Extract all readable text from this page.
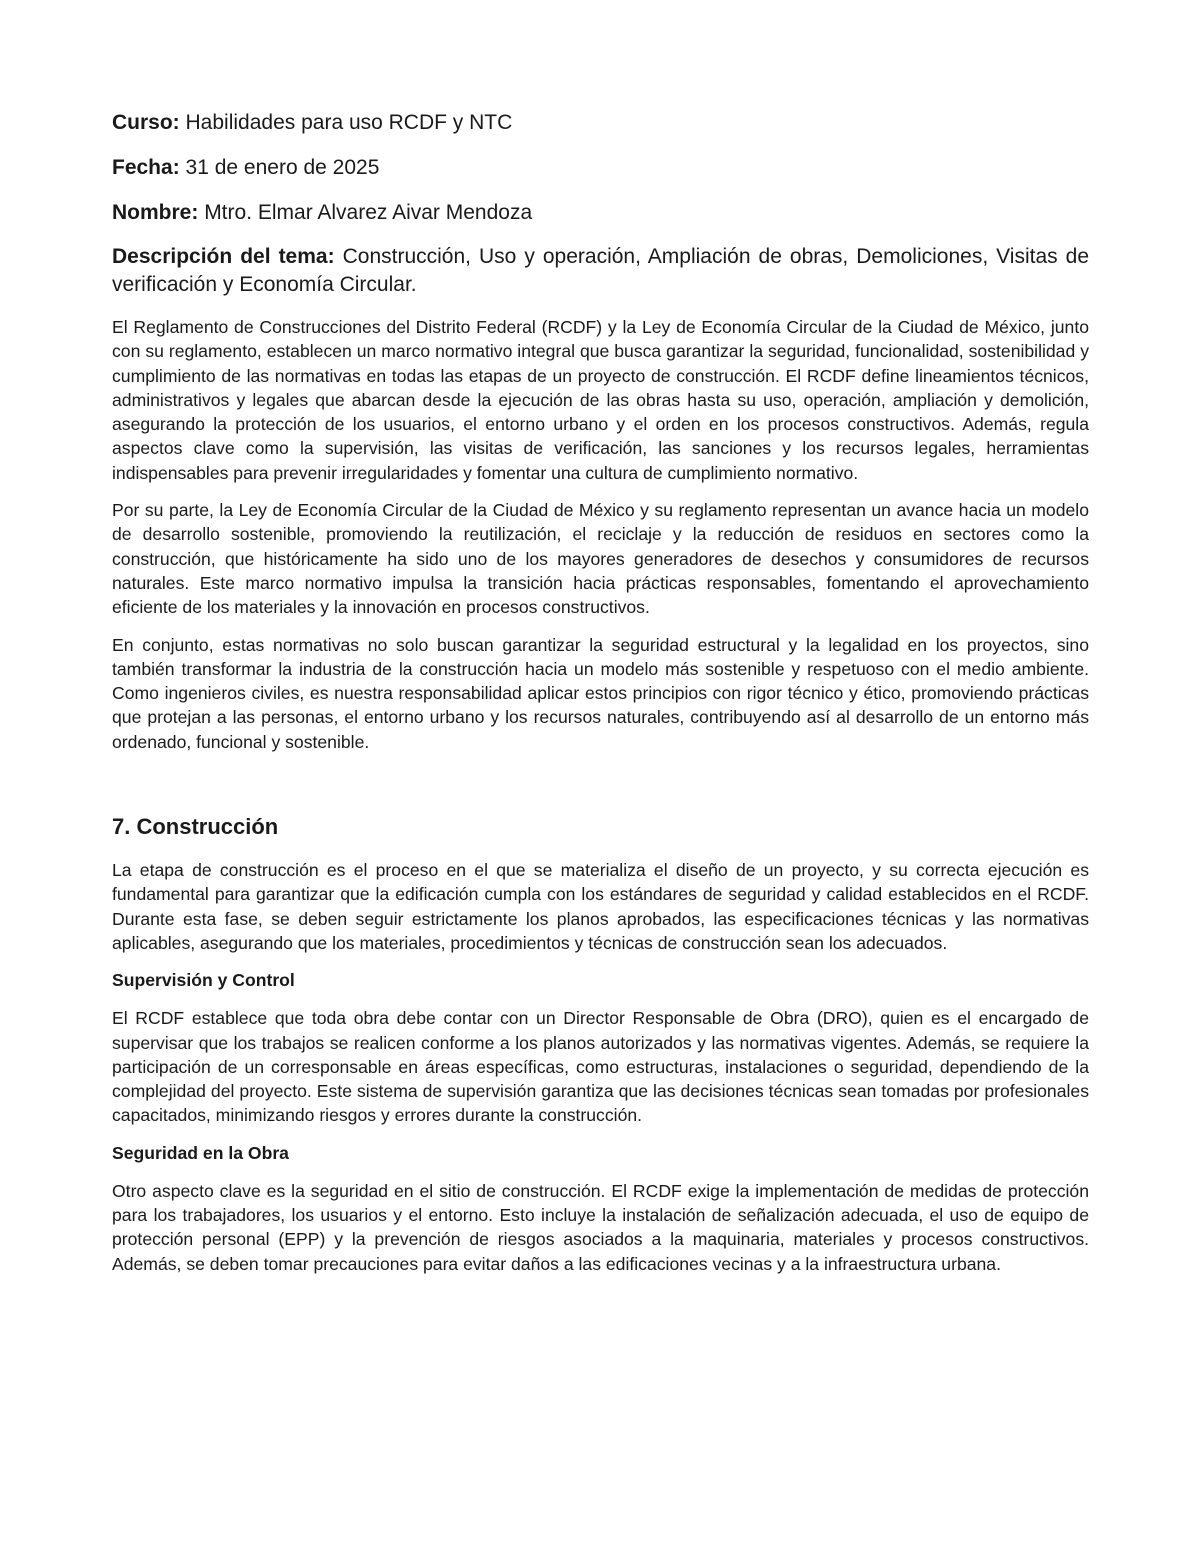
Curso: Habilidades para uso RCDF y NTC
Fecha: 31 de enero de 2025
Nombre: Mtro. Elmar Alvarez Aivar Mendoza
Descripción del tema: Construcción, Uso y operación, Ampliación de obras, Demoliciones, Visitas de verificación y Economía Circular.

El Reglamento de Construcciones del Distrito Federal (RCDF) y la Ley de Economía Circular de la Ciudad de México, junto con su reglamento, establecen un marco normativo integral que busca garantizar la seguridad, funcionalidad, sostenibilidad y cumplimiento de las normativas en todas las etapas de un proyecto de construcción. El RCDF define lineamientos técnicos, administrativos y legales que abarcan desde la ejecución de las obras hasta su uso, operación, ampliación y demolición, asegurando la protección de los usuarios, el entorno urbano y el orden en los procesos constructivos. Además, regula aspectos clave como la supervisión, las visitas de verificación, las sanciones y los recursos legales, herramientas indispensables para prevenir irregularidades y fomentar una cultura de cumplimiento normativo.

Por su parte, la Ley de Economía Circular de la Ciudad de México y su reglamento representan un avance hacia un modelo de desarrollo sostenible, promoviendo la reutilización, el reciclaje y la reducción de residuos en sectores como la construcción, que históricamente ha sido uno de los mayores generadores de desechos y consumidores de recursos naturales. Este marco normativo impulsa la transición hacia prácticas responsables, fomentando el aprovechamiento eficiente de los materiales y la innovación en procesos constructivos.

En conjunto, estas normativas no solo buscan garantizar la seguridad estructural y la legalidad en los proyectos, sino también transformar la industria de la construcción hacia un modelo más sostenible y respetuoso con el medio ambiente. Como ingenieros civiles, es nuestra responsabilidad aplicar estos principios con rigor técnico y ético, promoviendo prácticas que protejan a las personas, el entorno urbano y los recursos naturales, contribuyendo así al desarrollo de un entorno más ordenado, funcional y sostenible.

7. Construcción

La etapa de construcción es el proceso en el que se materializa el diseño de un proyecto, y su correcta ejecución es fundamental para garantizar que la edificación cumpla con los estándares de seguridad y calidad establecidos en el RCDF. Durante esta fase, se deben seguir estrictamente los planos aprobados, las especificaciones técnicas y las normativas aplicables, asegurando que los materiales, procedimientos y técnicas de construcción sean los adecuados.

Supervisión y Control

El RCDF establece que toda obra debe contar con un Director Responsable de Obra (DRO), quien es el encargado de supervisar que los trabajos se realicen conforme a los planos autorizados y las normativas vigentes. Además, se requiere la participación de un corresponsable en áreas específicas, como estructuras, instalaciones o seguridad, dependiendo de la complejidad del proyecto. Este sistema de supervisión garantiza que las decisiones técnicas sean tomadas por profesionales capacitados, minimizando riesgos y errores durante la construcción.

Seguridad en la Obra

Otro aspecto clave es la seguridad en el sitio de construcción. El RCDF exige la implementación de medidas de protección para los trabajadores, los usuarios y el entorno. Esto incluye la instalación de señalización adecuada, el uso de equipo de protección personal (EPP) y la prevención de riesgos asociados a la maquinaria, materiales y procesos constructivos. Además, se deben tomar precauciones para evitar daños a las edificaciones vecinas y a la infraestructura urbana.
